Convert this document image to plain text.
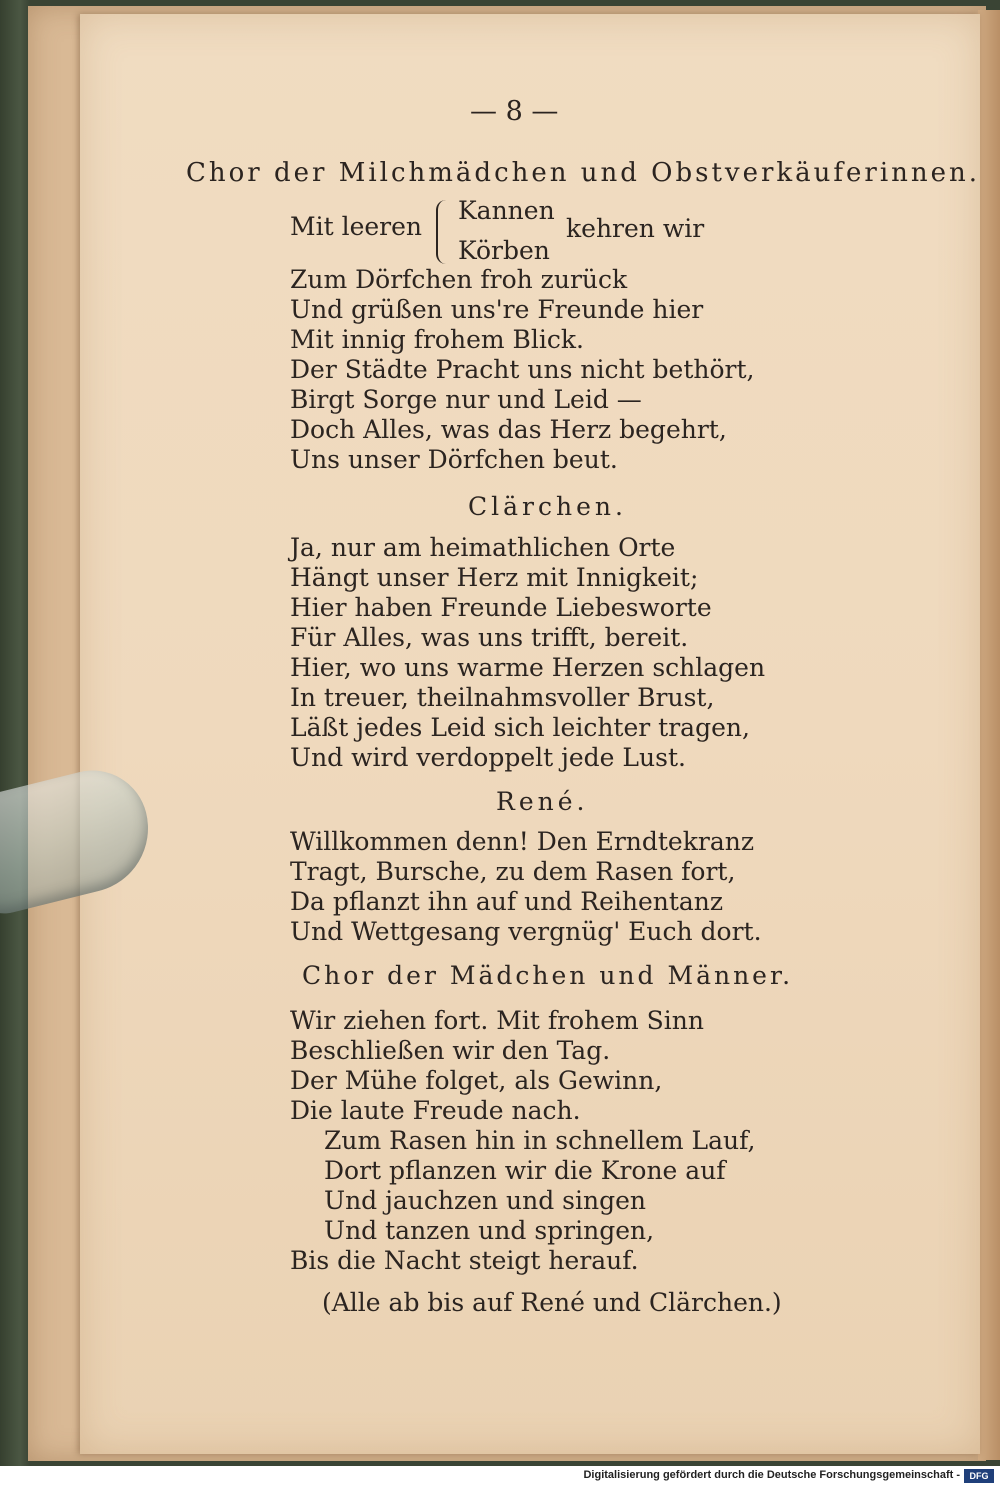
— 8 —
Chor der Milchmädchen und Obstverkäuferinnen.
Mit leeren
Kannen
Körben
kehren wir
Zum Dörfchen froh zurück
Und grüßen uns're Freunde hier
Mit innig frohem Blick.
Der Städte Pracht uns nicht bethört,
Birgt Sorge nur und Leid —
Doch Alles, was das Herz begehrt,
Uns unser Dörfchen beut.
Clärchen.
Ja, nur am heimathlichen Orte
Hängt unser Herz mit Innigkeit;
Hier haben Freunde Liebesworte
Für Alles, was uns trifft, bereit.
Hier, wo uns warme Herzen schlagen
In treuer, theilnahmsvoller Brust,
Läßt jedes Leid sich leichter tragen,
Und wird verdoppelt jede Lust.
René.
Willkommen denn! Den Erndtekranz
Tragt, Bursche, zu dem Rasen fort,
Da pflanzt ihn auf und Reihentanz
Und Wettgesang vergnüg' Euch dort.
Chor der Mädchen und Männer.
Wir ziehen fort. Mit frohem Sinn
Beschließen wir den Tag.
Der Mühe folget, als Gewinn,
Die laute Freude nach.
Zum Rasen hin in schnellem Lauf,
Dort pflanzen wir die Krone auf
Und jauchzen und singen
Und tanzen und springen,
Bis die Nacht steigt herauf.
(Alle ab bis auf René und Clärchen.)
Digitalisierung gefördert durch die Deutsche Forschungsgemeinschaft -	DFG
